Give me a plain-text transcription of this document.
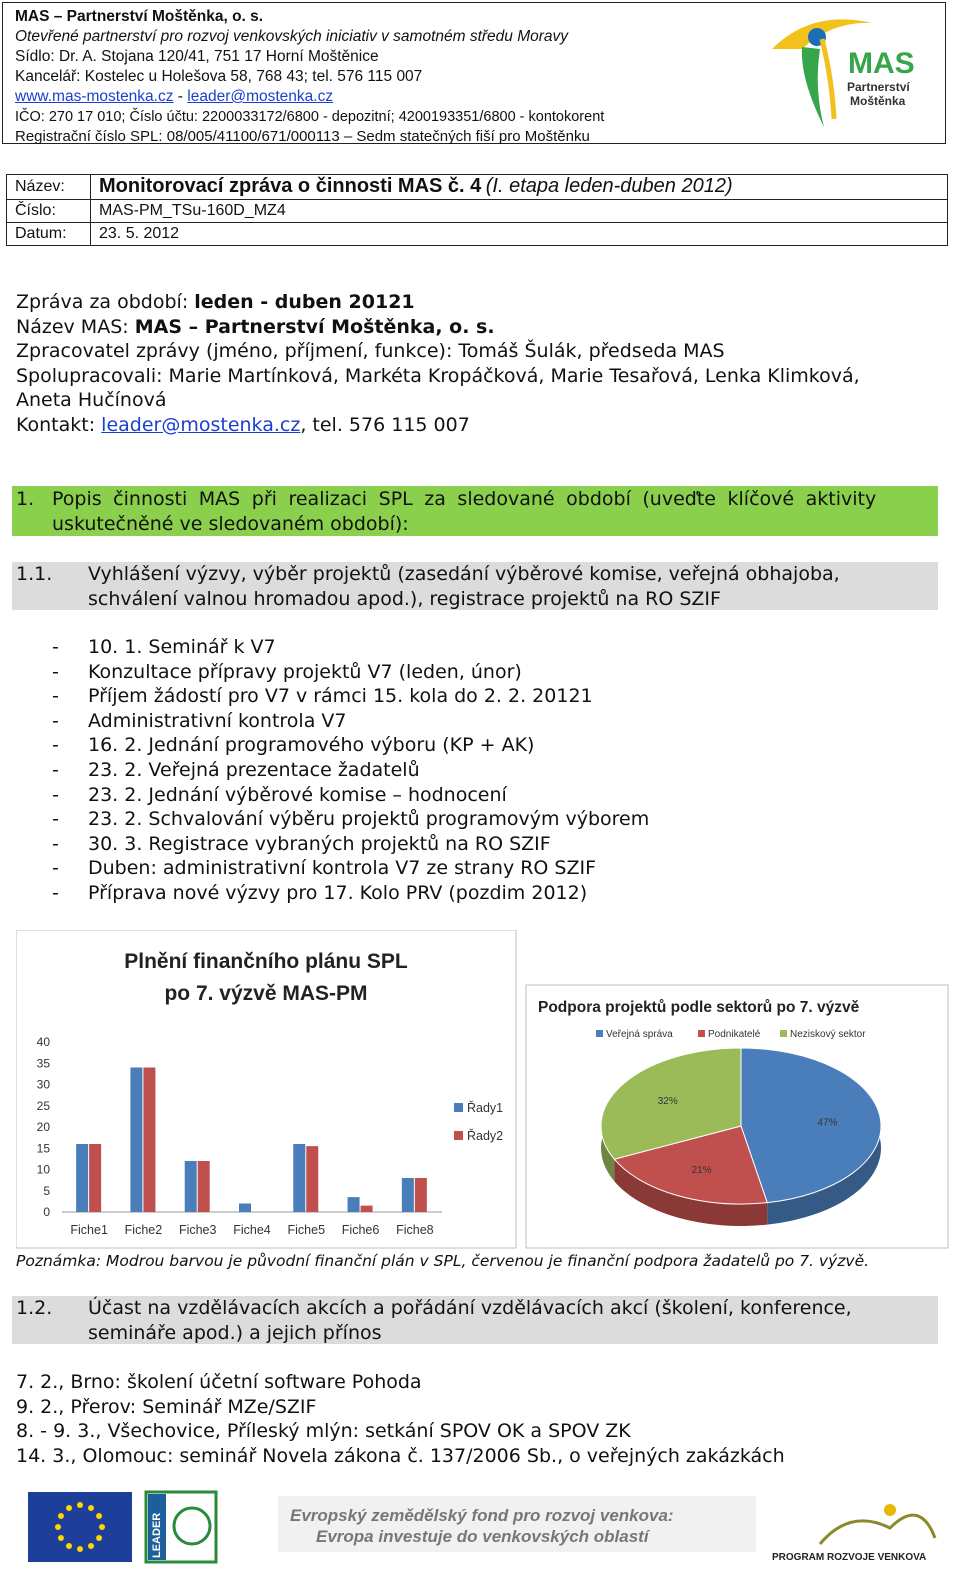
MAS – Partnerství Moštěnka, o. s.
Otevřené partnerství pro rozvoj venkovských iniciativ v samotném středu Moravy
Sídlo: Dr. A. Stojana 120/41, 751 17 Horní Moštěnice
Kancelář: Kostelec u Holešova 58, 768 43; tel. 576 115 007
www.mas-mostenka.cz - leader@mostenka.cz
IČO: 270 17 010; Číslo účtu: 2200033172/6800 - depozitní; 4200193351/6800 - kontokorent
Registrační číslo SPL: 08/005/41100/671/000113 – Sedm statečných fiší pro Moštěnku
MAS
Partnerství
Moštěnka
Název:	Monitorovací zpráva o činnosti MAS č. 4 (I. etapa leden-duben 2012)
Číslo:	MAS-PM_TSu-160D_MZ4
Datum:	23. 5. 2012
Zpráva za období: leden - duben 20121
Název MAS: MAS – Partnerství Moštěnka, o. s.
Zpracovatel zprávy (jméno, příjmení, funkce): Tomáš Šulák, předseda MAS
Spolupracovali: Marie Martínková, Markéta Kropáčková, Marie Tesařová, Lenka Klimková,
Aneta Hučínová
Kontakt: leader@mostenka.cz, tel. 576 115 007
1. Popis činnosti MAS při realizaci SPL za sledované období (uveďte klíčové aktivity
uskutečněné ve sledovaném období):
1.1. Vyhlášení výzvy, výběr projektů (zasedání výběrové komise, veřejná obhajoba,
schválení valnou hromadou apod.), registrace projektů na RO SZIF
- 10. 1. Seminář k V7
- Konzultace přípravy projektů V7 (leden, únor)
- Příjem žádostí pro V7 v rámci 15. kola do 2. 2. 20121
- Administrativní kontrola V7
- 16. 2. Jednání programového výboru (KP + AK)
- 23. 2. Veřejná prezentace žadatelů
- 23. 2. Jednání výběrové komise – hodnocení
- 23. 2. Schvalování výběru projektů programovým výborem
- 30. 3. Registrace vybraných projektů na RO SZIF
- Duben: administrativní kontrola V7 ze strany RO SZIF
- Příprava nové výzvy pro 17. Kolo PRV (pozdim 2012)
Plnění finančního plánu SPL
po 7. výzvě MAS-PM
0
5
10
15
20
25
30
35
40
Fiche1 Fiche2 Fiche3 Fiche4 Fiche5 Fiche6 Fiche8
Řady1
Řady2
Podpora projektů podle sektorů po 7. výzvě
Veřejná správa	Podnikatelé	Neziskový sektor
47%
21%
32%
Poznámka: Modrou barvou je původní finanční plán v SPL, červenou je finanční podpora žadatelů po 7. výzvě.
1.2. Účast na vzdělávacích akcích a pořádání vzdělávacích akcí (školení, konference,
semináře apod.) a jejich přínos
7. 2., Brno: školení účetní software Pohoda
9. 2., Přerov: Seminář MZe/SZIF
8. - 9. 3., Všechovice, Příleský mlýn: setkání SPOV OK a SPOV ZK
14. 3., Olomouc: seminář Novela zákona č. 137/2006 Sb., o veřejných zakázkách
LEADER	Evropský zemědělský fond pro rozvoj venkova:
Evropa investuje do venkovských oblastí
PROGRAM ROZVOJE VENKOVA
